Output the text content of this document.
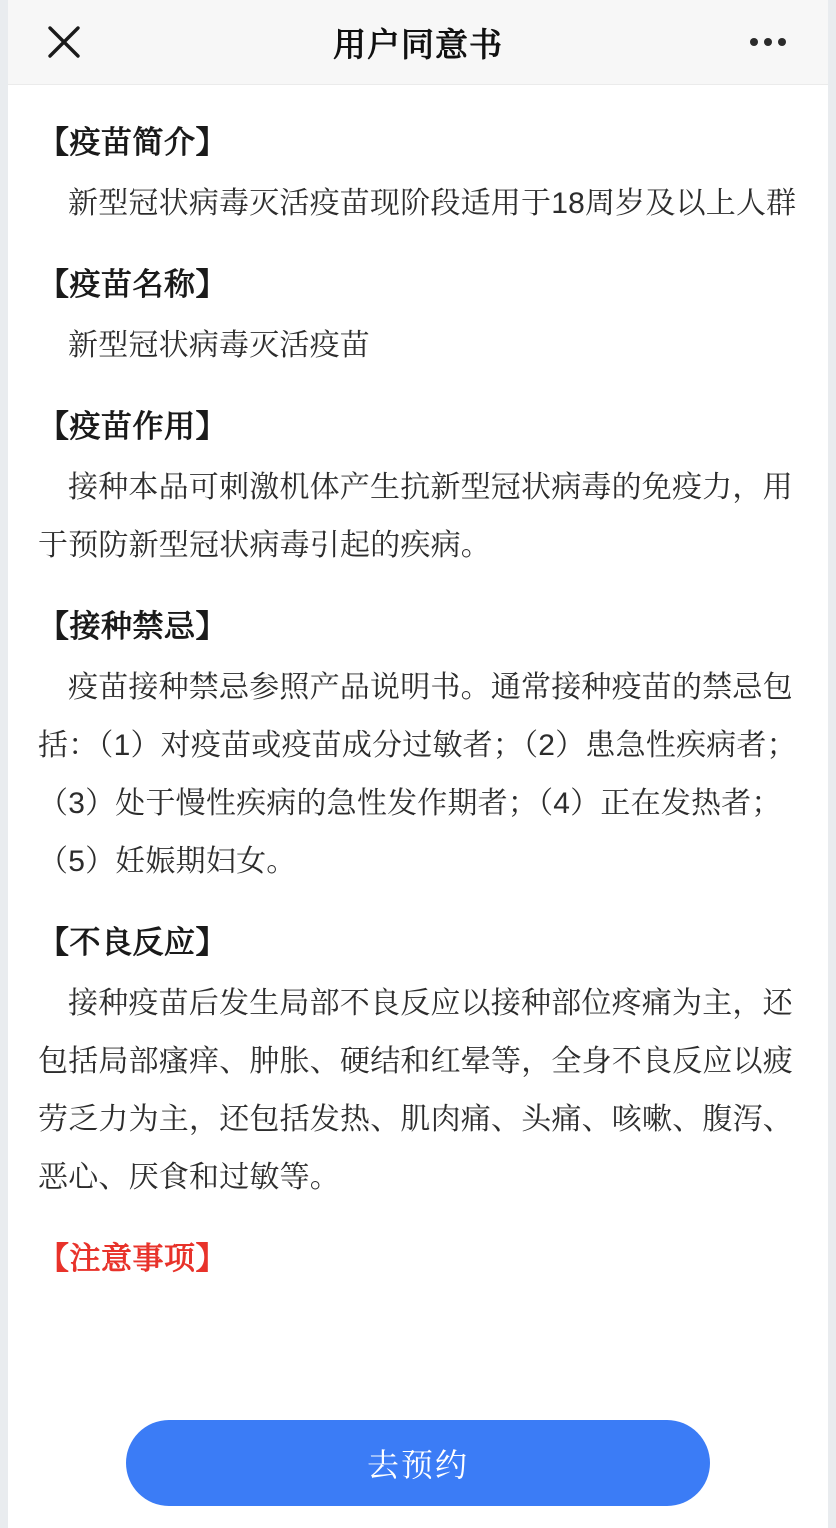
用户同意书
【疫苗简介】
新型冠状病毒灭活疫苗现阶段适用于18周岁及以上人群
【疫苗名称】
新型冠状病毒灭活疫苗
【疫苗作用】
接种本品可刺激机体产生抗新型冠状病毒的免疫力，用于预防新型冠状病毒引起的疾病。
【接种禁忌】
疫苗接种禁忌参照产品说明书。通常接种疫苗的禁忌包括：（1）对疫苗或疫苗成分过敏者；（2）患急性疾病者；（3）处于慢性疾病的急性发作期者；（4）正在发热者；（5）妊娠期妇女。
【不良反应】
接种疫苗后发生局部不良反应以接种部位疼痛为主，还包括局部瘙痒、肿胀、硬结和红晕等，全身不良反应以疲劳乏力为主，还包括发热、肌肉痛、头痛、咳嗽、腹泻、恶心、厌食和过敏等。
【注意事项】
去预约
